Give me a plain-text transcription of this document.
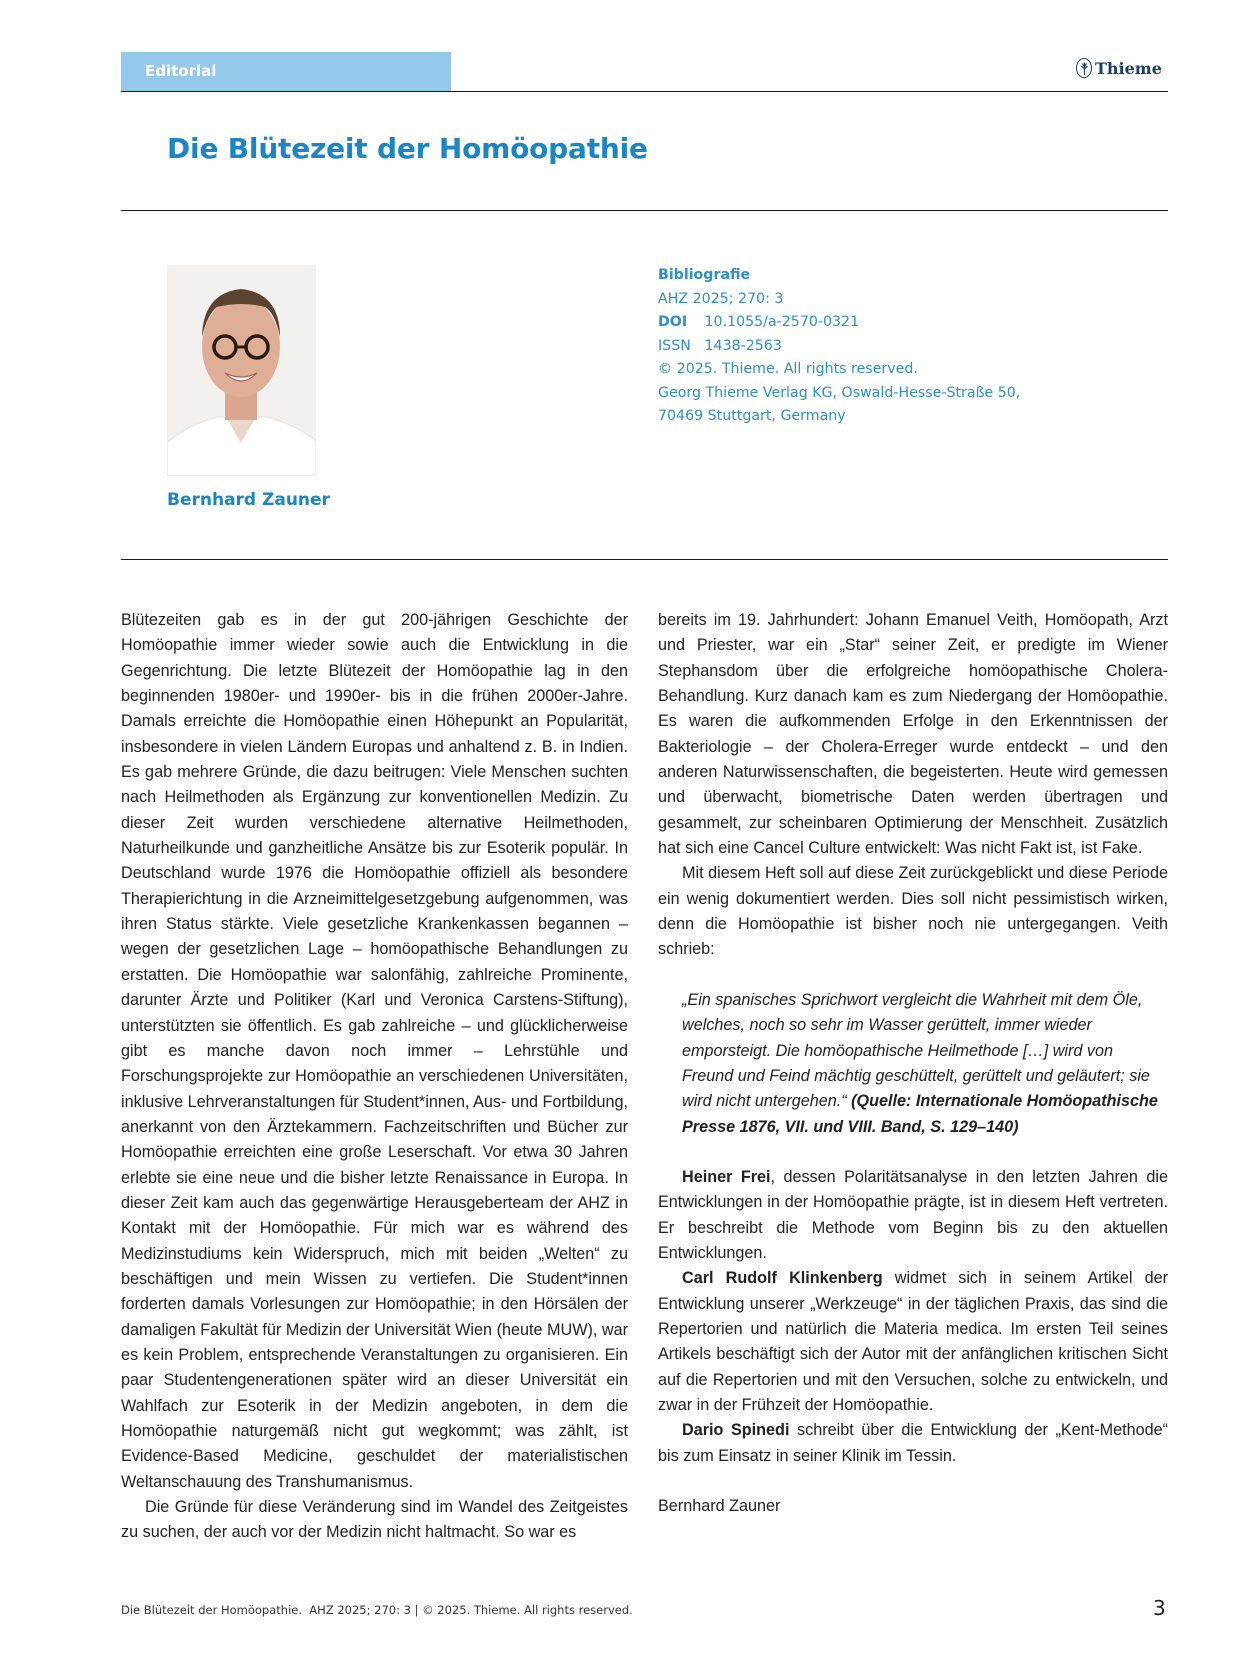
Editorial	Thieme
Die Blütezeit der Homöopathie
Bernhard Zauner
Bibliografie
AHZ 2025; 270: 3
DOI 10.1055/a-2570-0321
ISSN 1438-2563
© 2025. Thieme. All rights reserved.
Georg Thieme Verlag KG, Oswald-Hesse-Straße 50,
70469 Stuttgart, Germany

Blütezeiten gab es in der gut 200-jährigen Geschichte der Homöopathie immer wieder sowie auch die Entwicklung in die Gegenrichtung. Die letzte Blütezeit der Homöopathie lag in den beginnenden 1980er- und 1990er- bis in die frühen 2000er-Jahre. Damals erreichte die Homöopathie einen Höhepunkt an Popularität, insbesondere in vielen Ländern Europas und anhaltend z. B. in Indien. Es gab mehrere Gründe, die dazu beitrugen: Viele Menschen suchten nach Heilmethoden als Ergänzung zur konventionellen Medizin. Zu dieser Zeit wurden verschiedene alternative Heilmethoden, Naturheilkunde und ganzheitliche Ansätze bis zur Esoterik populär. In Deutschland wurde 1976 die Homöopathie offiziell als besondere Therapierichtung in die Arzneimittelgesetzgebung aufgenommen, was ihren Status stärkte. Viele gesetzliche Krankenkassen begannen – wegen der gesetzlichen Lage – homöopathische Behandlungen zu erstatten. Die Homöopathie war salonfähig, zahlreiche Prominente, darunter Ärzte und Politiker (Karl und Veronica Carstens-Stiftung), unterstützten sie öffentlich. Es gab zahlreiche – und glücklicherweise gibt es manche davon noch immer – Lehrstühle und Forschungsprojekte zur Homöopathie an verschiedenen Universitäten, inklusive Lehrveranstaltungen für Student*innen, Aus- und Fortbildung, anerkannt von den Ärztekammern. Fachzeitschriften und Bücher zur Homöopathie erreichten eine große Leserschaft. Vor etwa 30 Jahren erlebte sie eine neue und die bisher letzte Renaissance in Europa. In dieser Zeit kam auch das gegenwärtige Herausgeberteam der AHZ in Kontakt mit der Homöopathie. Für mich war es während des Medizinstudiums kein Widerspruch, mich mit beiden „Welten“ zu beschäftigen und mein Wissen zu vertiefen. Die Student*innen forderten damals Vorlesungen zur Homöopathie; in den Hörsälen der damaligen Fakultät für Medizin der Universität Wien (heute MUW), war es kein Problem, entsprechende Veranstaltungen zu organisieren. Ein paar Studentengenerationen später wird an dieser Universität ein Wahlfach zur Esoterik in der Medizin angeboten, in dem die Homöopathie naturgemäß nicht gut wegkommt; was zählt, ist Evidence-Based Medicine, geschuldet der materialistischen Weltanschauung des Transhumanismus.

Die Gründe für diese Veränderung sind im Wandel des Zeitgeistes zu suchen, der auch vor der Medizin nicht haltmacht. So war es

bereits im 19. Jahrhundert: Johann Emanuel Veith, Homöopath, Arzt und Priester, war ein „Star“ seiner Zeit, er predigte im Wiener Stephansdom über die erfolgreiche homöopathische Cholera-Behandlung. Kurz danach kam es zum Niedergang der Homöopathie. Es waren die aufkommenden Erfolge in den Erkenntnissen der Bakteriologie – der Cholera-Erreger wurde entdeckt – und den anderen Naturwissenschaften, die begeisterten. Heute wird gemessen und überwacht, biometrische Daten werden übertragen und gesammelt, zur scheinbaren Optimierung der Menschheit. Zusätzlich hat sich eine Cancel Culture entwickelt: Was nicht Fakt ist, ist Fake.

Mit diesem Heft soll auf diese Zeit zurückgeblickt und diese Periode ein wenig dokumentiert werden. Dies soll nicht pessimistisch wirken, denn die Homöopathie ist bisher noch nie untergegangen. Veith schrieb:

„Ein spanisches Sprichwort vergleicht die Wahrheit mit dem Öle, welches, noch so sehr im Wasser gerüttelt, immer wieder emporsteigt. Die homöopathische Heilmethode […] wird von Freund und Feind mächtig geschüttelt, gerüttelt und geläutert; sie wird nicht untergehen.“ (Quelle: Internationale Homöopathische Presse 1876, VII. und VIII. Band, S. 129–140)

Heiner Frei, dessen Polaritätsanalyse in den letzten Jahren die Entwicklungen in der Homöopathie prägte, ist in diesem Heft vertreten. Er beschreibt die Methode vom Beginn bis zu den aktuellen Entwicklungen.

Carl Rudolf Klinkenberg widmet sich in seinem Artikel der Entwicklung unserer „Werkzeuge“ in der täglichen Praxis, das sind die Repertorien und natürlich die Materia medica. Im ersten Teil seines Artikels beschäftigt sich der Autor mit der anfänglichen kritischen Sicht auf die Repertorien und mit den Versuchen, solche zu entwickeln, und zwar in der Frühzeit der Homöopathie.

Dario Spinedi schreibt über die Entwicklung der „Kent-Methode“ bis zum Einsatz in seiner Klinik im Tessin.

Bernhard Zauner

Die Blütezeit der Homöopathie.  AHZ 2025; 270: 3 | © 2025. Thieme. All rights reserved.	3
